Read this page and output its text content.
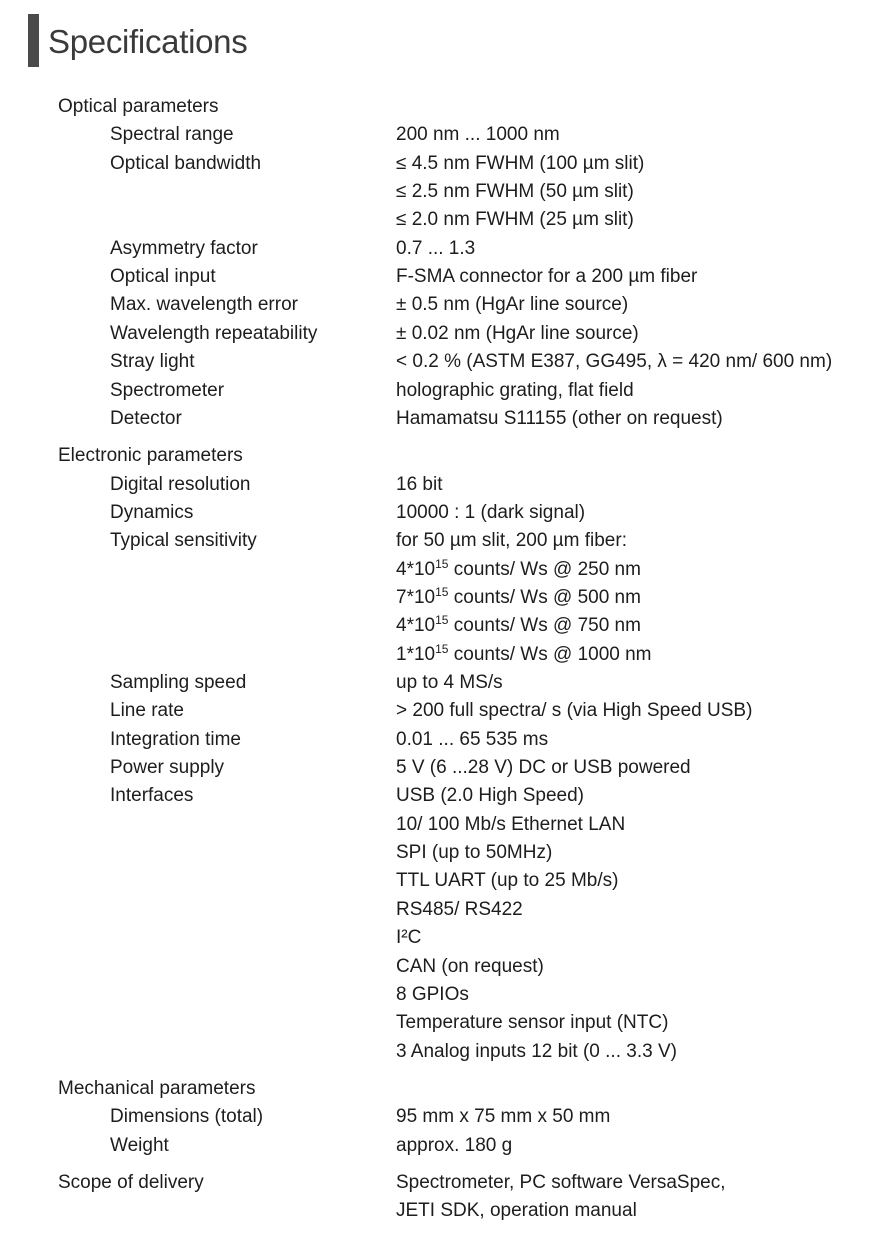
Specifications
Optical parameters
Spectral range	200 nm ... 1000 nm
Optical bandwidth	≤ 4.5 nm FWHM (100 µm slit)
≤ 2.5 nm FWHM (50 µm slit)
≤ 2.0 nm FWHM (25 µm slit)
Asymmetry factor	0.7 ... 1.3
Optical input	F-SMA connector for a 200 µm fiber
Max. wavelength error	± 0.5 nm (HgAr line source)
Wavelength repeatability	± 0.02 nm (HgAr line source)
Stray light	< 0.2 % (ASTM E387, GG495, λ = 420 nm/ 600 nm)
Spectrometer	holographic grating, flat field
Detector	Hamamatsu S11155 (other on request)
Electronic parameters
Digital resolution	16 bit
Dynamics	10000 : 1 (dark signal)
Typical sensitivity	for 50 µm slit, 200 µm fiber:
$4*10^{15}$ counts/ Ws @ 250 nm
$7*10^{15}$ counts/ Ws @ 500 nm
$4*10^{15}$ counts/ Ws @ 750 nm
$1*10^{15}$ counts/ Ws @ 1000 nm
Sampling speed	up to 4 MS/s
Line rate	> 200 full spectra/ s (via High Speed USB)
Integration time	0.01 ... 65 535 ms
Power supply	5 V (6 ...28 V) DC or USB powered
Interfaces	USB (2.0 High Speed)
10/ 100 Mb/s Ethernet LAN
SPI (up to 50MHz)
TTL UART (up to 25 Mb/s)
RS485/ RS422
I²C
CAN (on request)
8 GPIOs
Temperature sensor input (NTC)
3 Analog inputs 12 bit (0 ... 3.3 V)
Mechanical parameters
Dimensions (total)	95 mm x 75 mm x 50 mm
Weight	approx. 180 g
Scope of delivery	Spectrometer, PC software VersaSpec,
JETI SDK, operation manual
